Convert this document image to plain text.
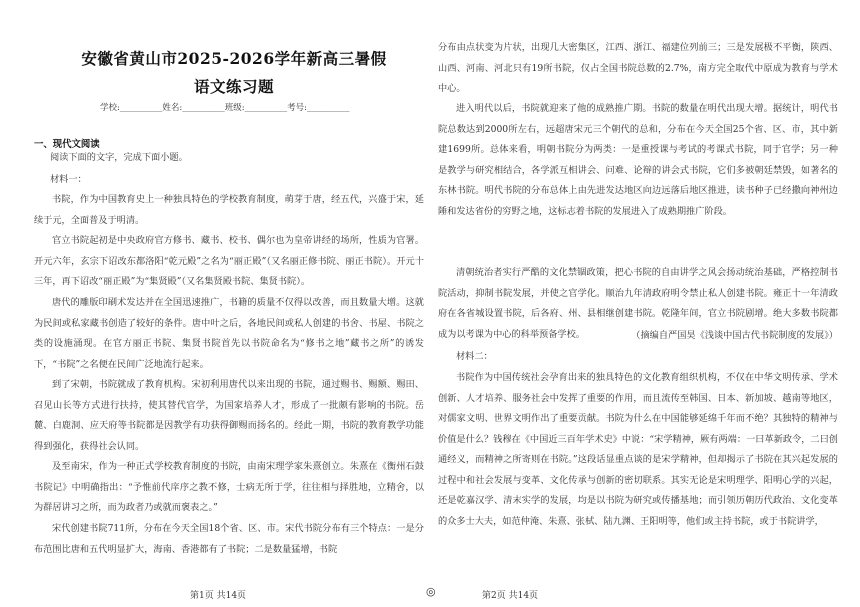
安徽省黄山市2025-2026学年新高三暑假
语文练习题
学校:__________姓名:__________班级:__________考号:__________
一、现代文阅读
阅读下面的文字，完成下面小题。
材料一：

书院，作为中国教育史上一种独具特色的学校教育制度，萌芽于唐，经五代，兴盛于宋，延续于元，全面普及于明清。

官立书院起初是中央政府官方修书、藏书、校书、偶尔也为皇帝讲经的场所，性质为官署。开元六年，玄宗下诏改东都洛阳“乾元殿”之名为“丽正殿”（又名丽正修书院、丽正书院）。开元十三年，再下诏改“丽正殿”为“集贤殿”（又名集贤殿书院、集贤书院）。

唐代的雕版印刷术发达并在全国迅速推广，书籍的质量不仅得以改善，而且数量大增。这就为民间或私家藏书创造了较好的条件。唐中叶之后，各地民间或私人创建的书舍、书屋、书院之类的设施涌现。在官方丽正书院、集贤书院首先以书院命名为“修书之地”藏书之所”的诱发下，“书院”之名便在民间广泛地流行起来。

到了宋朝，书院就成了教育机构。宋初利用唐代以来出现的书院，通过赐书、赐额、赐田、召见山长等方式进行扶持，使其替代官学，为国家培养人才，形成了一批颇有影响的书院。岳麓、白鹿洞、应天府等书院都是因教学有功获得御赐而扬名的。经此一期，书院的教育教学功能得到强化，获得社会认同。

及至南宋，作为一种正式学校教育制度的书院，由南宋理学家朱熹创立。朱熹在《衡州石鼓书院记》中明确指出：“予惟前代庠序之教不修，士病无所于学，往往相与择胜地，立精舍，以为群居讲习之所，而为政者乃或就而褒表之。”

宋代创建书院711所，分布在今天全国18个省、区、市。宋代书院分布有三个特点：一是分布范围比唐和五代明显扩大，海南、香港都有了书院；二是数量猛增，书院

分布由点状变为片状，出现几大密集区，江西、浙江、福建位列前三；三是发展极不平衡，陕西、山西、河南、河北只有19所书院，仅占全国书院总数的2.7%，南方完全取代中原成为教育与学术中心。

进入明代以后，书院就迎来了他的成熟推广期。书院的数量在明代出现大增。据统计，明代书院总数达到2000所左右，远超唐宋元三个朝代的总和，分布在今天全国25个省、区、市，其中新建1699所。总体来看，明朝书院分为两类：一是重授课与考试的考课式书院，同于官学；另一种是教学与研究相结合，各学派互相讲会、问难、论辩的讲会式书院，它们多被朝廷禁毁，如著名的东林书院。明代书院的分布总体上由先进发达地区向边远落后地区推进，读书种子已经撒向神州边陲和发达省份的穷野之地，这标志着书院的发展进入了成熟期推广阶段。

清朝统治者实行严酷的文化禁锢政策，把心书院的自由讲学之风会扬动统治基础，严格控制书院活动，抑制书院发展，并使之官学化。顺治九年清政府明令禁止私人创建书院。雍正十一年清政府在各省城设置书院，后各府、州、县相继创建书院。乾隆年间，官立书院剧增。绝大多数书院都成为以考课为中心的科举预备学校。	（摘编自严国昊《浅谈中国古代书院制度的发展》）
材料二：

书院作为中国传统社会孕育出来的独具特色的文化教育组织机构，不仅在中华文明传承、学术创新、人才培养、服务社会中发挥了重要的作用，而且流传至韩国、日本、新加坡、越南等地区，对儒家文明、世界文明作出了重要贡献。书院为什么在中国能够延绵千年而不绝？其独特的精神与价值是什么？钱穆在《中国近三百年学术史》中说：“宋学精神，厥有两端：一曰革新政令，二曰创通经义，而精神之所寄则在书院。”这段话显重点谈的是宋学精神，但却揭示了书院在其兴起发展的过程中和社会发展与变革、文化传承与创新的密切联系。其实无论是宋明理学、阳明心学的兴起，还是乾嘉汉学、清末实学的发展，均是以书院为研究或传播基地；而引领历朝历代政治、文化变革的众多士大夫，如范仲淹、朱熹、张栻、陆九渊、王阳明等，他们或主持书院，或于书院讲学，

第1页 共14页	◎	第2页 共14页
